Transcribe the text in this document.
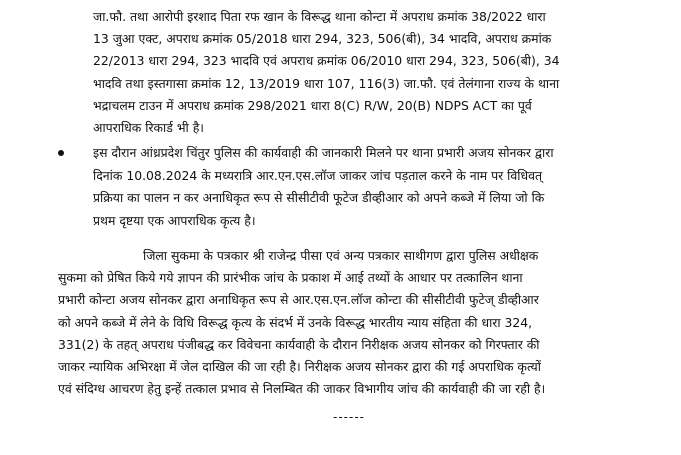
जा.फौ. तथा आरोपी इरशाद पिता रफ खान के विरूद्ध थाना कोन्टा में अपराध क्रमांक 38/2022 धारा
13 जुआ एक्ट, अपराध क्रमांक 05/2018 धारा 294, 323, 506(बी), 34 भादवि, अपराध क्रमांक
22/2013 धारा 294, 323 भादवि एवं अपराध क्रमांक 06/2010 धारा 294, 323, 506(बी), 34
भादवि तथा इस्तगासा क्रमांक 12, 13/2019 धारा 107, 116(3) जा.फौ. एवं तेलंगाना राज्य के थाना
भद्राचलम टाउन में अपराध क्रमांक 298/2021 धारा 8(C) R/W, 20(B) NDPS ACT का पूर्व
आपराधिक रिकार्ड भी है।
इस दौरान आंध्रप्रदेश चिंतुर पुलिस की कार्यवाही की जानकारी मिलने पर थाना प्रभारी अजय सोनकर द्वारा
दिनांक 10.08.2024 के मध्यरात्रि आर.एन.एस.लॉज जाकर जांच पड़ताल करने के नाम पर विधिवत्
प्रक्रिया का पालन न कर अनाधिकृत रूप से सीसीटीवी फूटेज डीव्हीआर को अपने कब्जे में लिया जो कि
प्रथम दृष्टया एक आपराधिक कृत्य है।
जिला सुकमा के पत्रकार श्री राजेन्द्र पीसा एवं अन्य पत्रकार साथीगण द्वारा पुलिस अधीक्षक
सुकमा को प्रेषित किये गये ज्ञापन की प्रारंभीक जांच के प्रकाश में आई तथ्यों के आधार पर तत्कालिन थाना
प्रभारी कोन्टा अजय सोनकर द्वारा अनाधिकृत रूप से आर.एस.एन.लॉज कोन्टा की सीसीटीवी फुटेज् डीव्हीआर
को अपने कब्जे में लेने के विधि विरूद्ध कृत्य के संदर्भ में उनके विरूद्ध भारतीय न्याय संहिता की धारा 324,
331(2) के तहत् अपराध पंजीबद्ध कर विवेचना कार्यवाही के दौरान निरीक्षक अजय सोनकर को गिरफ्तार की
जाकर न्यायिक अभिरक्षा में जेल दाखिल की जा रही है। निरीक्षक अजय सोनकर द्वारा की गई अपराधिक कृत्यों
एवं संदिग्ध आचरण हेतु इन्हें तत्काल प्रभाव से निलम्बित की जाकर विभागीय जांच की कार्यवाही की जा रही है।
------
